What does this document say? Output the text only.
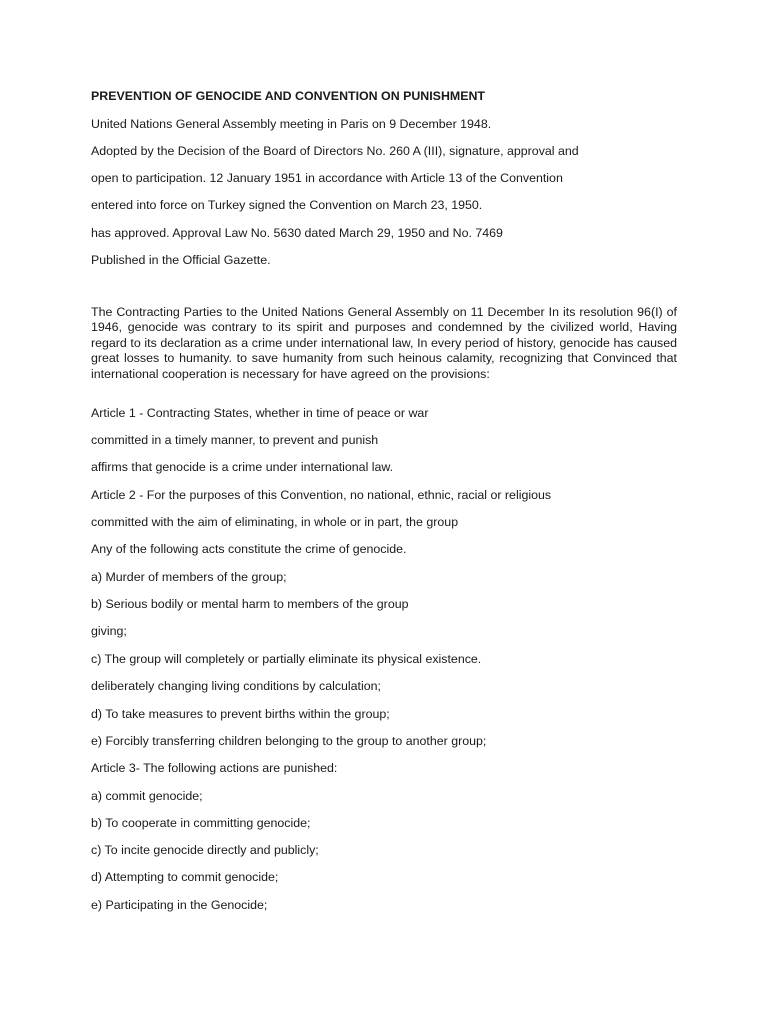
PREVENTION OF GENOCIDE AND CONVENTION ON PUNISHMENT

United Nations General Assembly meeting in Paris on 9 December 1948.

Adopted by the Decision of the Board of Directors No. 260 A (III), signature, approval and

open to participation. 12 January 1951 in accordance with Article 13 of the Convention

entered into force on Turkey signed the Convention on March 23, 1950.

has approved. Approval Law No. 5630 dated March 29, 1950 and No. 7469

Published in the Official Gazette.

The Contracting Parties to the United Nations General Assembly on 11 December In its resolution 96(I) of 1946, genocide was contrary to its spirit and purposes and condemned by the civilized world, Having regard to its declaration as a crime under international law, In every period of history, genocide has caused great losses to humanity. to save humanity from such heinous calamity, recognizing that Convinced that international cooperation is necessary for have agreed on the provisions:

Article 1 - Contracting States, whether in time of peace or war

committed in a timely manner, to prevent and punish

affirms that genocide is a crime under international law.

Article 2 - For the purposes of this Convention, no national, ethnic, racial or religious

committed with the aim of eliminating, in whole or in part, the group

Any of the following acts constitute the crime of genocide.

a) Murder of members of the group;

b) Serious bodily or mental harm to members of the group

giving;

c) The group will completely or partially eliminate its physical existence.

deliberately changing living conditions by calculation;

d) To take measures to prevent births within the group;

e) Forcibly transferring children belonging to the group to another group;

Article 3- The following actions are punished:

a) commit genocide;

b) To cooperate in committing genocide;

c) To incite genocide directly and publicly;

d) Attempting to commit genocide;

e) Participating in the Genocide;
